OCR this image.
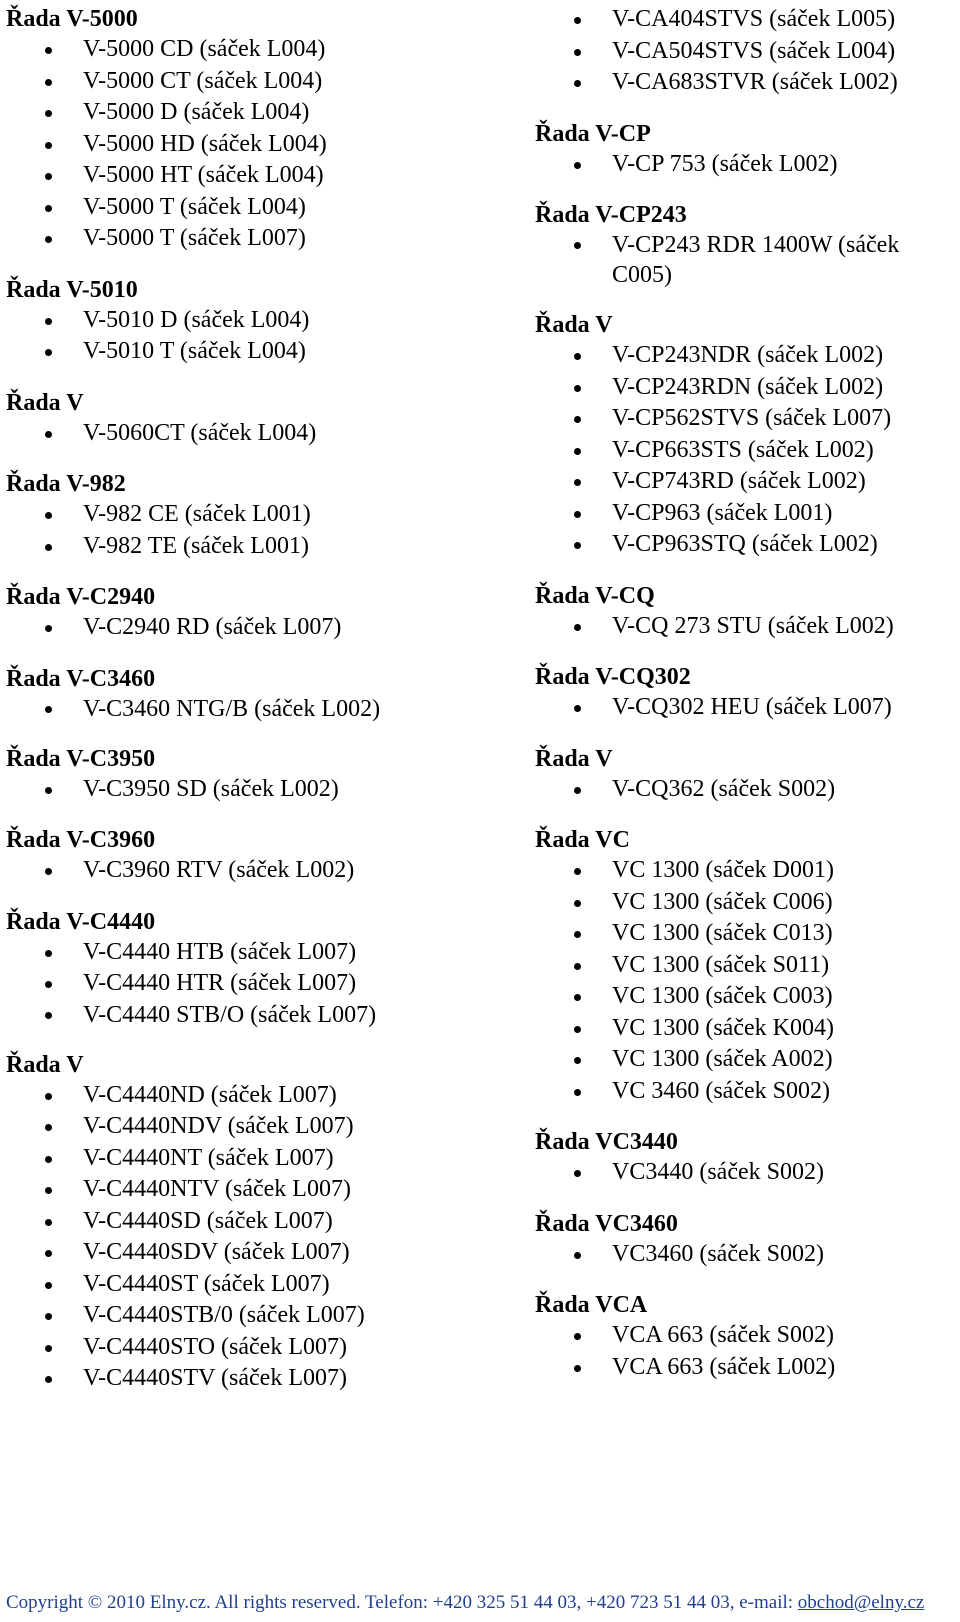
Řada V-5000
V-5000 CD (sáček L004)
V-5000 CT (sáček L004)
V-5000 D (sáček L004)
V-5000 HD (sáček L004)
V-5000 HT (sáček L004)
V-5000 T (sáček L004)
V-5000 T (sáček L007)
Řada V-5010
V-5010 D (sáček L004)
V-5010 T (sáček L004)
Řada V
V-5060CT (sáček L004)
Řada V-982
V-982 CE (sáček L001)
V-982 TE (sáček L001)
Řada V-C2940
V-C2940 RD (sáček L007)
Řada V-C3460
V-C3460 NTG/B (sáček L002)
Řada V-C3950
V-C3950 SD (sáček L002)
Řada V-C3960
V-C3960 RTV (sáček L002)
Řada V-C4440
V-C4440 HTB (sáček L007)
V-C4440 HTR (sáček L007)
V-C4440 STB/O (sáček L007)
Řada V
V-C4440ND (sáček L007)
V-C4440NDV (sáček L007)
V-C4440NT (sáček L007)
V-C4440NTV (sáček L007)
V-C4440SD (sáček L007)
V-C4440SDV (sáček L007)
V-C4440ST (sáček L007)
V-C4440STB/0 (sáček L007)
V-C4440STO (sáček L007)
V-C4440STV (sáček L007)
V-CA404STVS (sáček L005)
V-CA504STVS (sáček L004)
V-CA683STVR (sáček L002)
Řada V-CP
V-CP 753 (sáček L002)
Řada V-CP243
V-CP243 RDR 1400W (sáček C005)
Řada V
V-CP243NDR (sáček L002)
V-CP243RDN (sáček L002)
V-CP562STVS (sáček L007)
V-CP663STS (sáček L002)
V-CP743RD (sáček L002)
V-CP963 (sáček L001)
V-CP963STQ (sáček L002)
Řada V-CQ
V-CQ 273 STU (sáček L002)
Řada V-CQ302
V-CQ302 HEU (sáček L007)
Řada V
V-CQ362 (sáček S002)
Řada VC
VC 1300 (sáček D001)
VC 1300 (sáček C006)
VC 1300 (sáček C013)
VC 1300 (sáček S011)
VC 1300 (sáček C003)
VC 1300 (sáček K004)
VC 1300 (sáček A002)
VC 3460 (sáček S002)
Řada VC3440
VC3440 (sáček S002)
Řada VC3460
VC3460 (sáček S002)
Řada VCA
VCA 663 (sáček S002)
VCA 663 (sáček L002)
Copyright © 2010 Elny.cz. All rights reserved. Telefon: +420 325 51 44 03, +420 723 51 44 03, e-mail: obchod@elny.cz
